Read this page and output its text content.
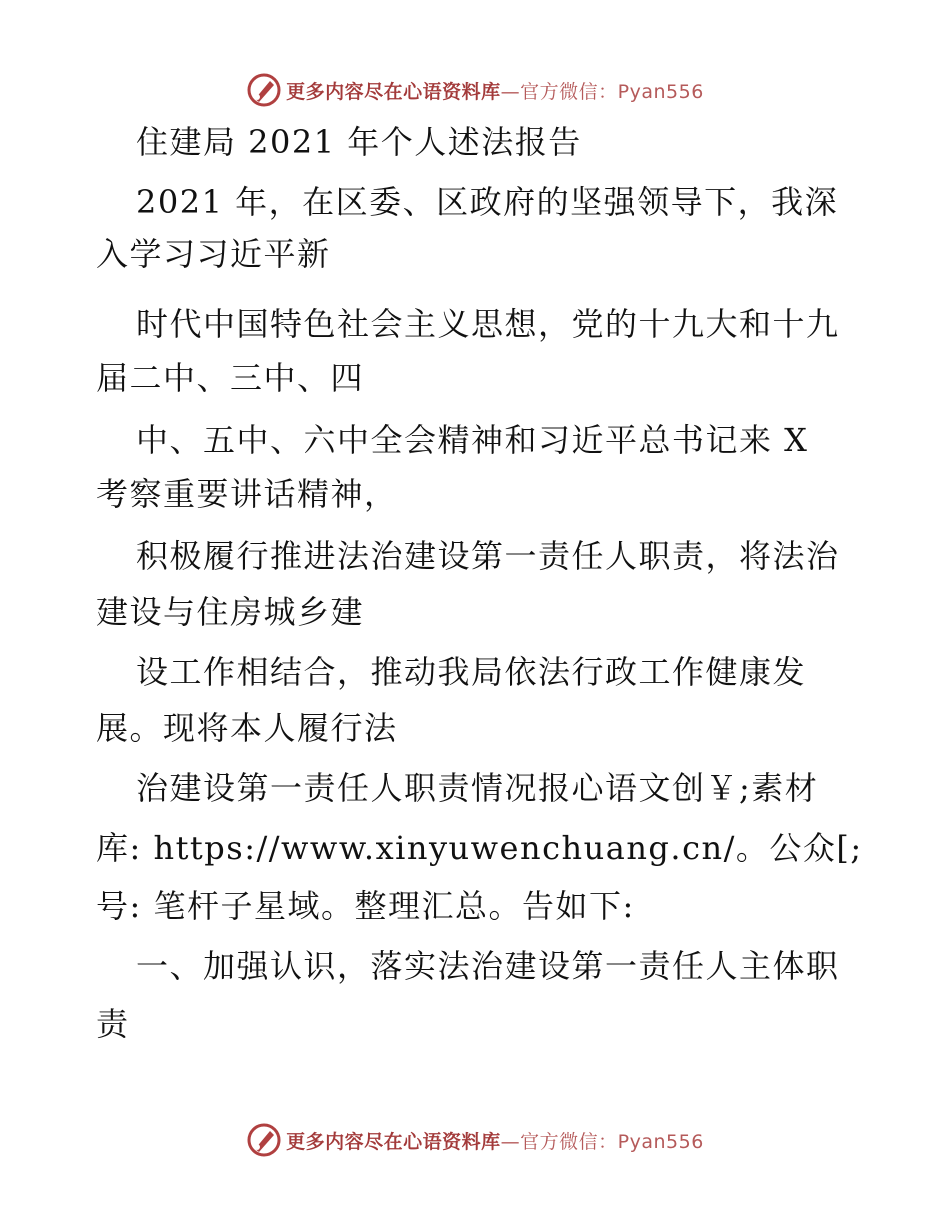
更多内容尽在心语资料库—官方微信：Pyan556
住建局 2021 年个人述法报告
2021 年，在区委、区政府的坚强领导下，我深
入学习习近平新
时代中国特色社会主义思想，党的十九大和十九
届二中、三中、四
中、五中、六中全会精神和习近平总书记来 X
考察重要讲话精神，
积极履行推进法治建设第一责任人职责，将法治
建设与住房城乡建
设工作相结合，推动我局依法行政工作健康发
展。现将本人履行法
治建设第一责任人职责情况报心语文创￥;素材
库: https://www.xinyuwenchuang.cn/。公众[;
号: 笔杆子星域。整理汇总。告如下:
一、加强认识，落实法治建设第一责任人主体职
责
更多内容尽在心语资料库—官方微信：Pyan556
